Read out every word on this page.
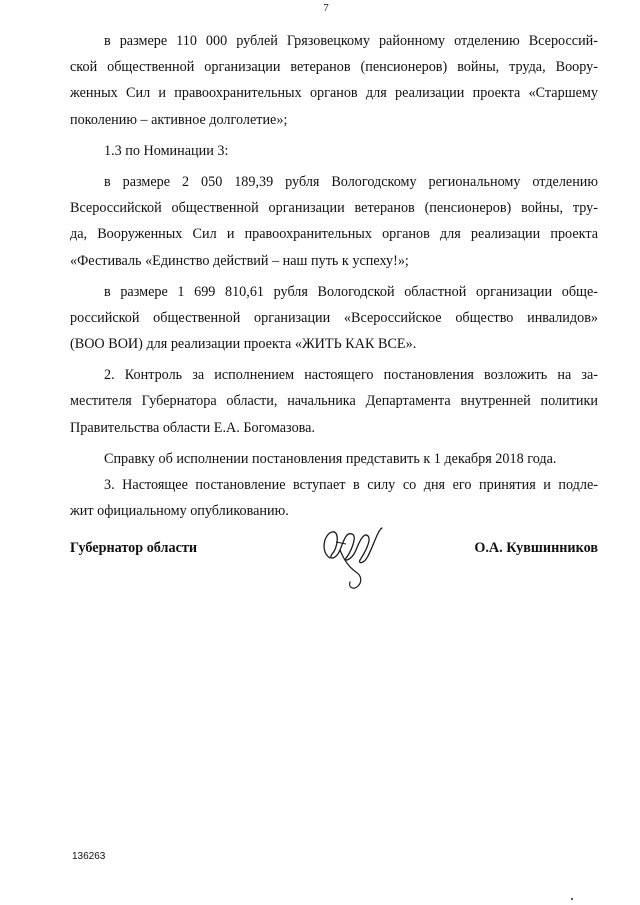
7
в размере 110 000 рублей Грязовецкому районному отделению Всероссий-
ской общественной организации ветеранов (пенсионеров) войны, труда, Воору-
женных Сил и правоохранительных органов для реализации проекта «Старшему
поколению – активное долголетие»;
1.3 по Номинации 3:
в размере 2 050 189,39 рубля Вологодскому региональному отделению
Всероссийской общественной организации ветеранов (пенсионеров) войны, тру-
да, Вооруженных Сил и правоохранительных органов для реализации проекта
«Фестиваль «Единство действий – наш путь к успеху!»;
в размере 1 699 810,61 рубля Вологодской областной организации обще-
российской общественной организации «Всероссийское общество инвалидов»
(ВОО ВОИ) для реализации проекта «ЖИТЬ КАК ВСЕ».
2. Контроль за исполнением настоящего постановления возложить на за-
местителя Губернатора области, начальника Департамента внутренней политики
Правительства области Е.А. Богомазова.
Справку об исполнении постановления представить к 1 декабря 2018 года.
3. Настоящее постановление вступает в силу со дня его принятия и подле-
жит официальному опубликованию.
Губернатор области	О.А. Кувшинников
136263
